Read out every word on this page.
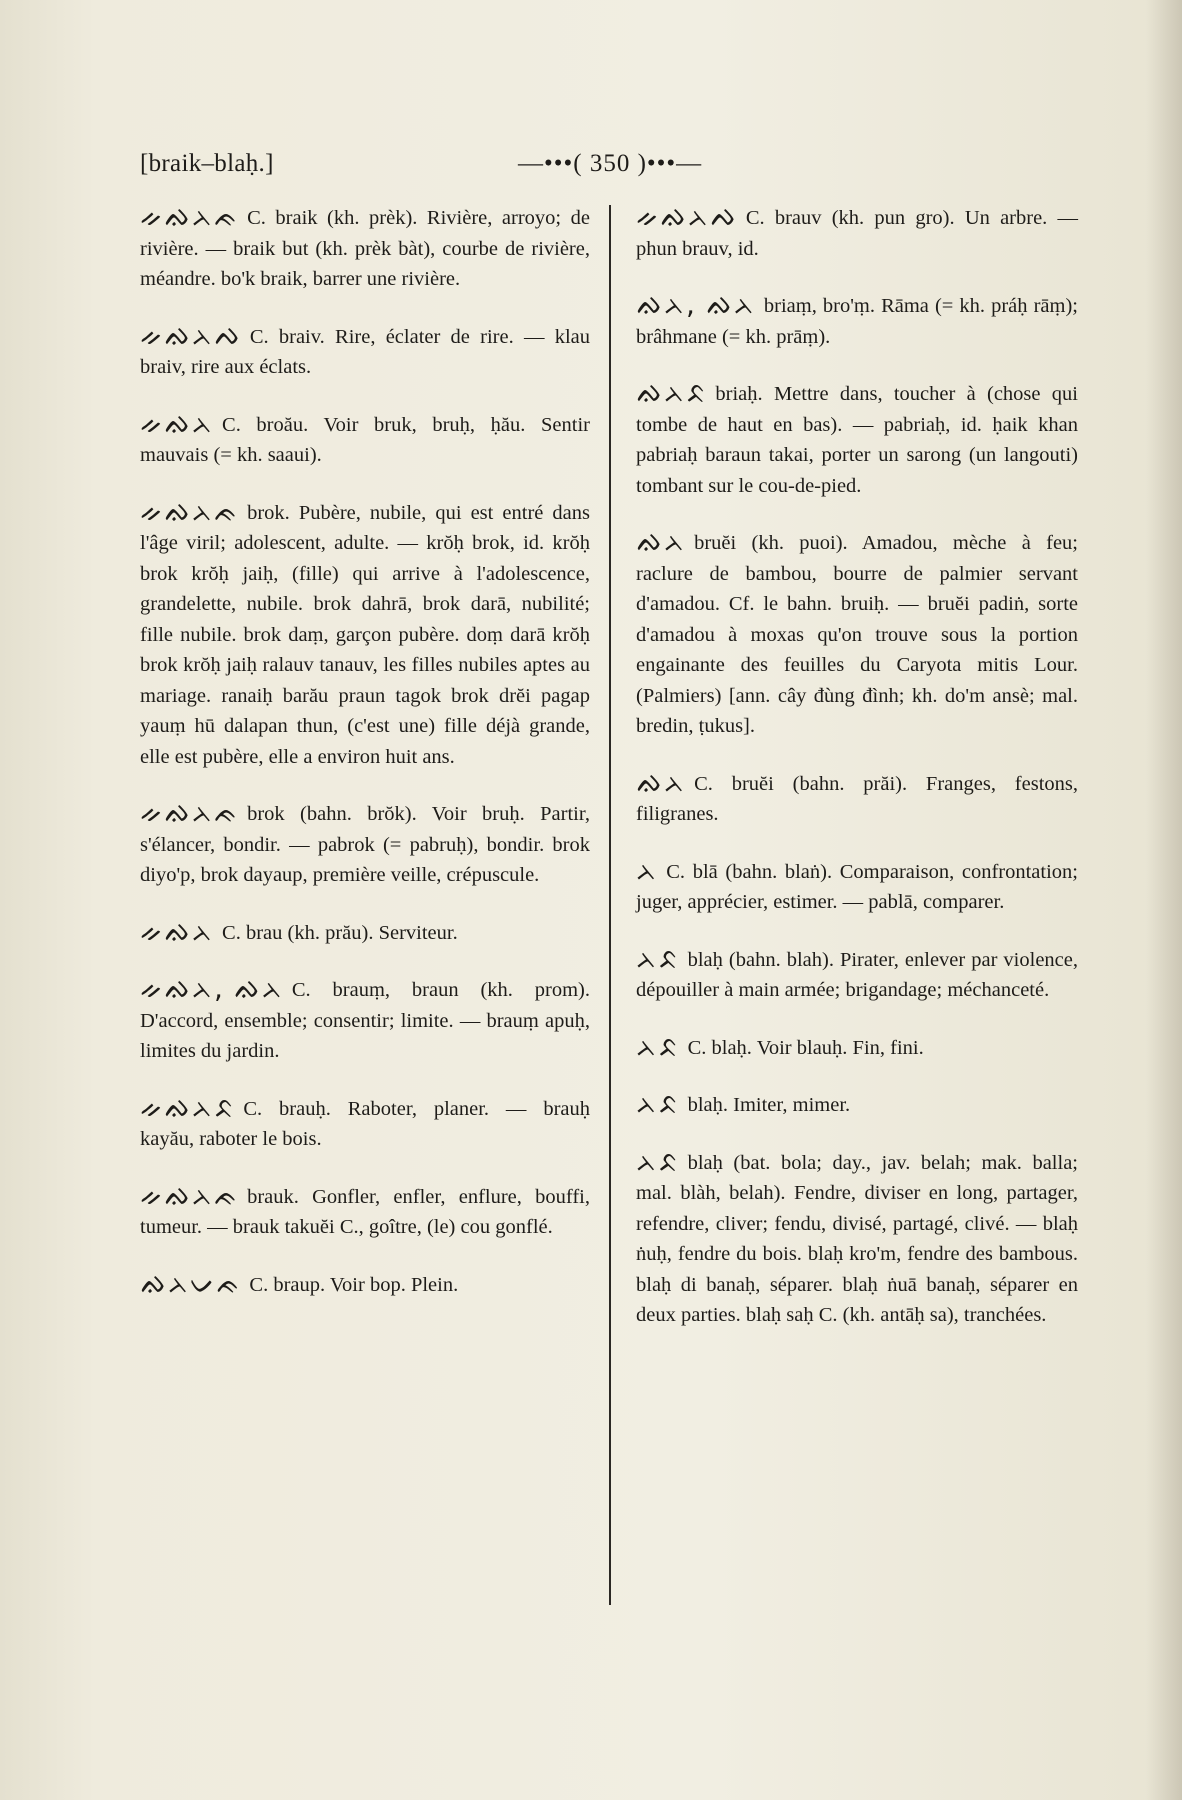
[braik–blaḥ.]	—•••( 350 )•••—
ᨀᨁᨂᨃ C. braik (kh. prèk). Rivière, arroyo; de rivière. — braik but (kh. prèk bàt), courbe de rivière, méandre. bo'k braik, barrer une rivière.
ᨀᨁᨂᨄ C. braiv. Rire, éclater de rire. — klau braiv, rire aux éclats.
ᨀᨁᨂ C. broău. Voir bruk, bruḥ, ḥău. Sentir mauvais (= kh. saaui).
ᨀᨁᨂᨃ brok. Pubère, nubile, qui est entré dans l'âge viril; adolescent, adulte. — krŏḥ brok, id. krŏḥ brok krŏḥ jaiḥ, (fille) qui arrive à l'adolescence, grandelette, nubile. brok dahrā, brok darā, nubilité; fille nubile. brok daṃ, garçon pubère. doṃ darā krŏḥ brok krŏḥ jaiḥ ralauv tanauv, les filles nubiles aptes au mariage. ranaiḥ barău praun tagok brok drĕi pagap yauṃ hū dalapan thun, (c'est une) fille déjà grande, elle est pubère, elle a environ huit ans.
ᨀᨁᨂᨃ brok (bahn. brŏk). Voir bruḥ. Partir, s'élancer, bondir. — pabrok (= pabruḥ), bondir. brok diyo'p, brok dayaup, première veille, crépuscule.
ᨀᨁᨂ C. brau (kh. prău). Serviteur.
ᨀᨁᨂ, ᨁᨂ C. brauṃ, braun (kh. prom). D'accord, ensemble; consentir; limite. — brauṃ apuḥ, limites du jardin.
ᨀᨁᨂᨅ C. brauḥ. Raboter, planer. — brauḥ kayău, raboter le bois.
ᨀᨁᨂᨃ brauk. Gonfler, enfler, enflure, bouffi, tumeur. — brauk takuĕi C., goître, (le) cou gonflé.
ᨁᨂᨆᨃ C. braup. Voir bop. Plein.
ᨀᨁᨂᨄ C. brauv (kh. pun gro). Un arbre. — phun brauv, id.
ᨁᨂ, ᨁᨂ briaṃ, bro'ṃ. Rāma (= kh. práḥ rāṃ); brâhmane (= kh. prāṃ).
ᨁᨂᨅ briaḥ. Mettre dans, toucher à (chose qui tombe de haut en bas). — pabriaḥ, id. ḥaik khan pabriaḥ baraun takai, porter un sarong (un langouti) tombant sur le cou-de-pied.
ᨁᨂ bruĕi (kh. puoi). Amadou, mèche à feu; raclure de bambou, bourre de palmier servant d'amadou. Cf. le bahn. bruiḥ. — bruĕi padiṅ, sorte d'amadou à moxas qu'on trouve sous la portion engainante des feuilles du Caryota mitis Lour. (Palmiers) [ann. cây đùng đình; kh. do'm ansè; mal. bredin, ṭukus].
ᨁᨂ C. bruĕi (bahn. prăi). Franges, festons, filigranes.
ᨂ C. blā (bahn. blaṅ). Comparaison, confrontation; juger, apprécier, estimer. — pablā, comparer.
ᨂᨅ blaḥ (bahn. blah). Pirater, enlever par violence, dépouiller à main armée; brigandage; méchanceté.
ᨂᨅ C. blaḥ. Voir blauḥ. Fin, fini.
ᨂᨅ blaḥ. Imiter, mimer.
ᨂᨅ blaḥ (bat. bola; day., jav. belah; mak. balla; mal. blàh, belah). Fendre, diviser en long, partager, refendre, cliver; fendu, divisé, partagé, clivé. — blaḥ ṅuḥ, fendre du bois. blaḥ kro'm, fendre des bambous. blaḥ di banaḥ, séparer. blaḥ ṅuā banaḥ, séparer en deux parties. blaḥ saḥ C. (kh. antāḥ sa), tranchées.
